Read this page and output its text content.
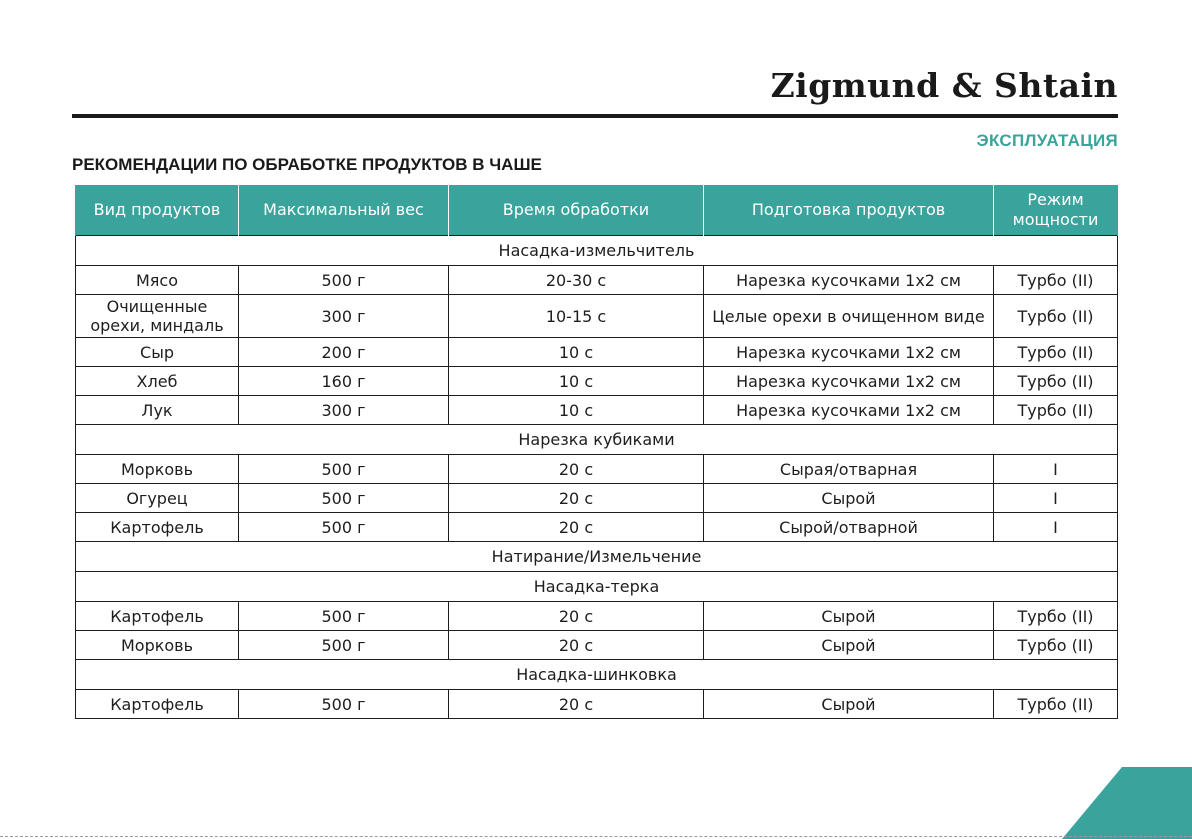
Zigmund & Shtain
ЭКСПЛУАТАЦИЯ
РЕКОМЕНДАЦИИ ПО ОБРАБОТКЕ ПРОДУКТОВ В ЧАШЕ
Вид продуктов	Максимальный вес	Время обработки	Подготовка продуктов	Режим мощности
Насадка-измельчитель				
Мясо	500 г	20-30 с	Нарезка кусочками 1х2 см	Турбо (II)
Очищенные орехи, миндаль	300 г	10-15 с	Целые орехи в очищенном виде	Турбо (II)
Сыр	200 г	10 с	Нарезка кусочками 1х2 см	Турбо (II)
Хлеб	160 г	10 с	Нарезка кусочками 1х2 см	Турбо (II)
Лук	300 г	10 с	Нарезка кусочками 1х2 см	Турбо (II)
Нарезка кубиками				
Морковь	500 г	20 с	Сырая/отварная	I
Огурец	500 г	20 с	Сырой	I
Картофель	500 г	20 с	Сырой/отварной	I
Натирание/Измельчение				
Насадка-терка				
Картофель	500 г	20 с	Сырой	Турбо (II)
Морковь	500 г	20 с	Сырой	Турбо (II)
Насадка-шинковка				
Картофель	500 г	20 с	Сырой	Турбо (II)
